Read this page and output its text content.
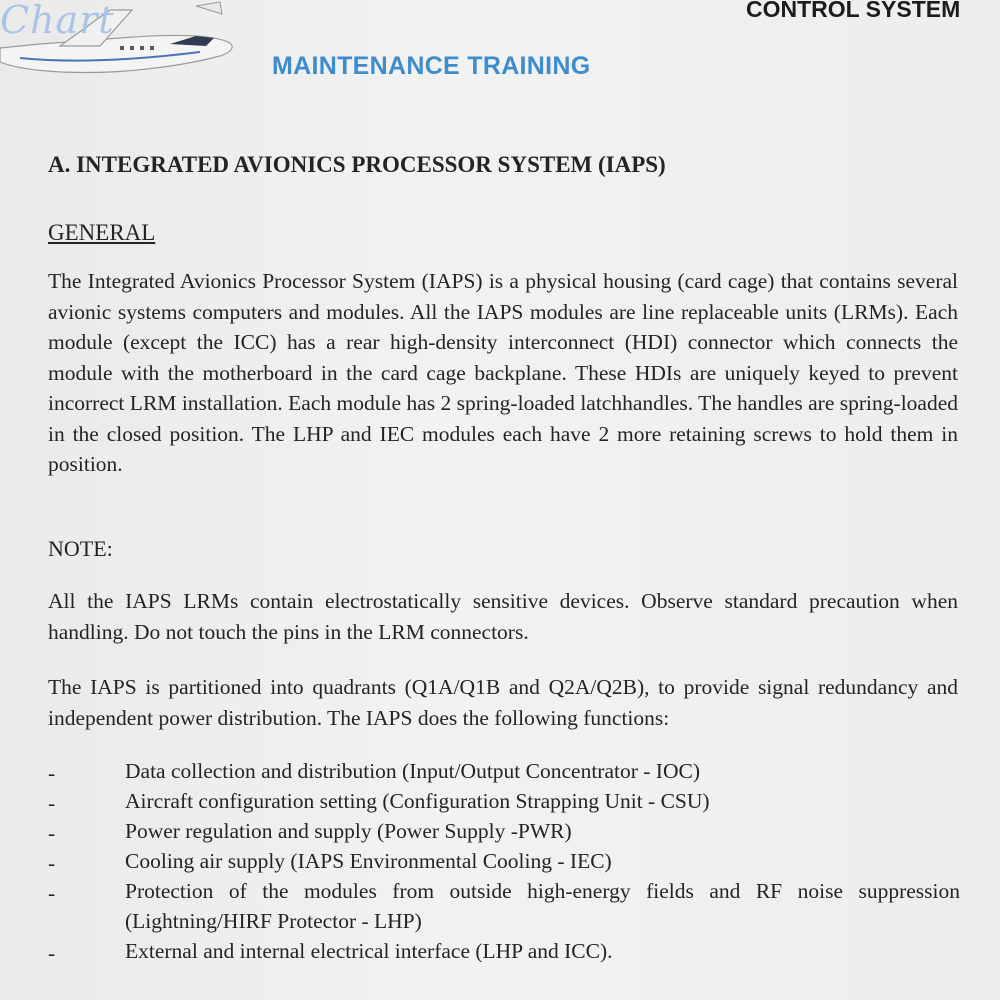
Chart	CONTROL SYSTEM
MAINTENANCE TRAINING
A. INTEGRATED AVIONICS PROCESSOR SYSTEM (IAPS)
GENERAL

The Integrated Avionics Processor System (IAPS) is a physical housing (card cage) that contains several avionic systems computers and modules. All the IAPS modules are line replaceable units (LRMs). Each module (except the ICC) has a rear high-density interconnect (HDI) connector which connects the module with the motherboard in the card cage backplane. These HDIs are uniquely keyed to prevent incorrect LRM installation. Each module has 2 spring-loaded latchhandles. The handles are spring-loaded in the closed position. The LHP and IEC modules each have 2 more retaining screws to hold them in position.

NOTE:

All the IAPS LRMs contain electrostatically sensitive devices. Observe standard precaution when handling. Do not touch the pins in the LRM connectors.

The IAPS is partitioned into quadrants (Q1A/Q1B and Q2A/Q2B), to provide signal redundancy and independent power distribution. The IAPS does the following functions:

-	Data collection and distribution (Input/Output Concentrator - IOC)
-	Aircraft configuration setting (Configuration Strapping Unit - CSU)
-	Power regulation and supply (Power Supply -PWR)
-	Cooling air supply (IAPS Environmental Cooling - IEC)
-	Protection of the modules from outside high-energy fields and RF noise suppression (Lightning/HIRF Protector - LHP)
-	External and internal electrical interface (LHP and ICC).
